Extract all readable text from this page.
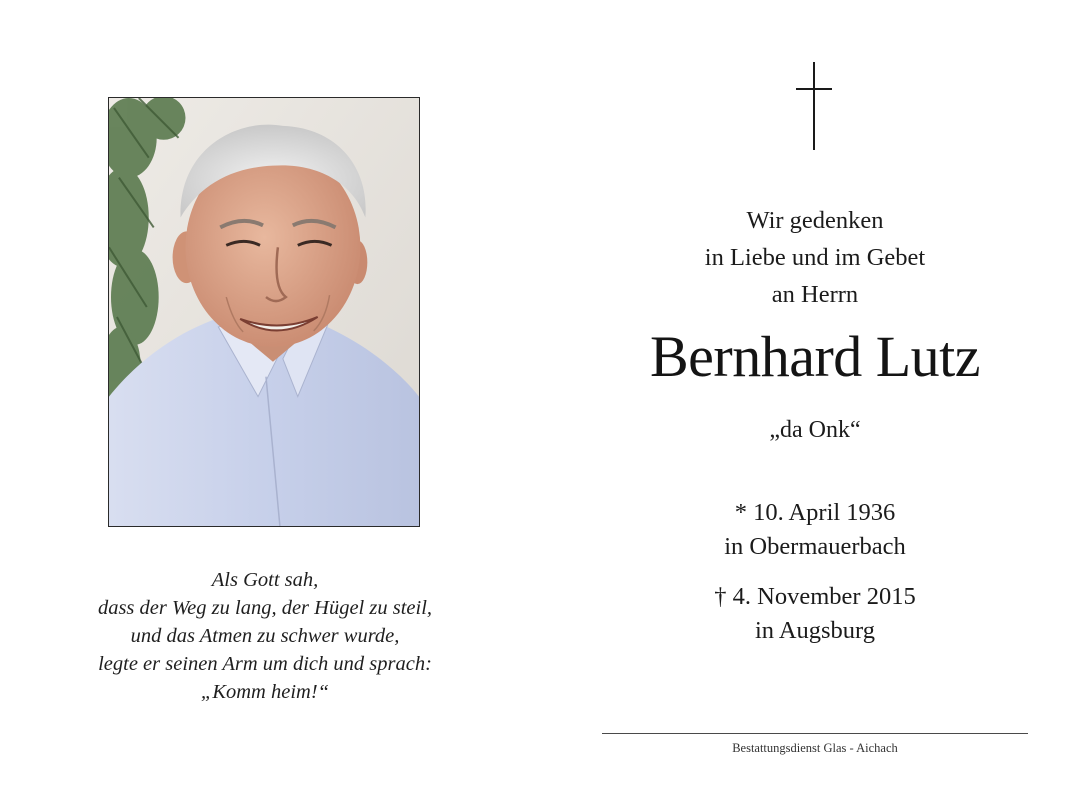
Als Gott sah,
dass der Weg zu lang, der Hügel zu steil,
und das Atmen zu schwer wurde,
legte er seinen Arm um dich und sprach:
„Komm heim!“
Wir gedenken
in Liebe und im Gebet
an Herrn
Bernhard Lutz
„da Onk“
* 10. April 1936
in Obermauerbach
† 4. November 2015
in Augsburg
Bestattungsdienst Glas - Aichach
